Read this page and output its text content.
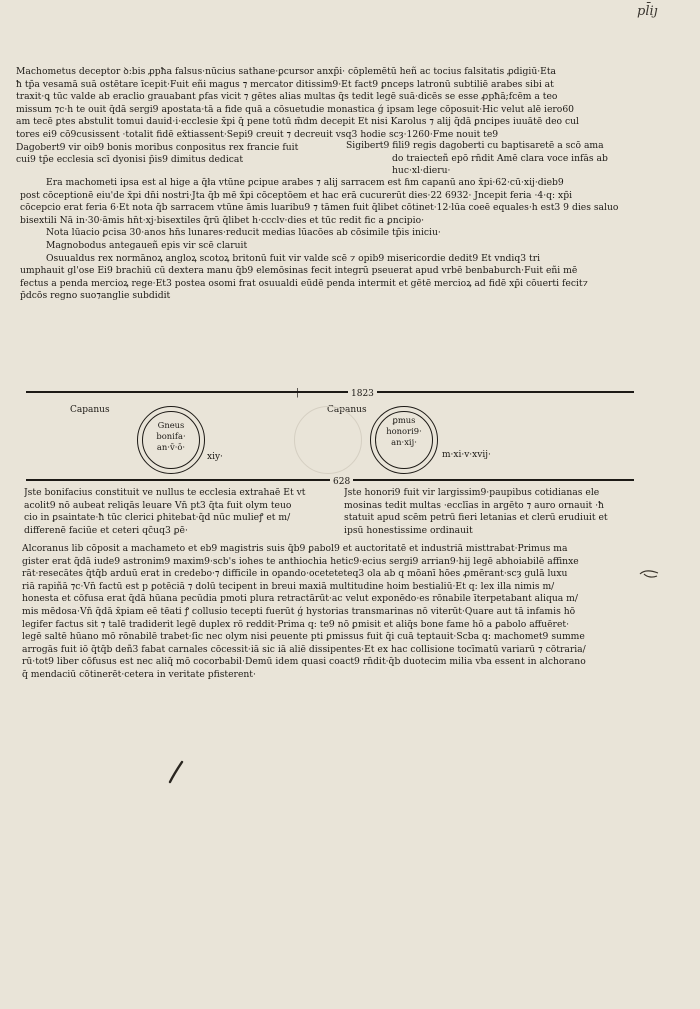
pl̄iȷ
Machometus deceptor ꝺ:bis ꝓpħa falsus·nūcius sathane·ꝑcursor anxp̄i· cōplemētū heñ ac tocius falsitatis ꝓdigiū·Eta
ħ tp̄a vesamā suā ostētare īcepit·Fuit eñi magus ⁊ mercator ditissim9·Et fact9 ꝑnceps latronū subtiliē arabes sibi at
traxit·ꝗ tūc valde ab eraclio grauabant ꝑfas vicit ⁊ gētes alias multas q̄s tedit legē suā·dicēs se esse ꝓpħā;fcēm a teo
missum ⁊c·h̄ te ouit q̄dā sergi9 apostata·tā a fide quā a cōsuetudie monastica ǵ ipsam lege cōposuit·Hic velut alē iero60
am tecē ꝑtes abstulit tomui dauid·i·ecclesie x̄pi q̄ pene totū m̄dm decepit Et nisi Karolus ⁊ alij q̄dā ꝑncipes iuuātē deo cul
tores ei9 cō9cusissent ·totalit̄ fidē ex̄tiassent·Sepi9 creuit ⁊ decreuit vsq3 hodie scȝ·1260·Fme nouit te9
Dagobert9 vir oib9 bonis moribus conpositus rex francie fuit
cui9 tp̄e ecclesia scī dyonisi p̄is9 dimitus dedicat
Sigibert9 fili9 regis dagoberti cu baptisaretē a scō ama
do traiecteñ epō rn̄dit Amē clara voce infās ab
huc·xl·dieru·
Era machometi ipsa est al hige a q̄ła vtūne ꝑcipue arabes ⁊ alij sarracem est ɦm capanū ano x̄pi·62·cū·xij·dieb9
post cōceptionē eiu'de x̄pi dn̄i nostri·Jta q̄b mē x̄pi cōceptōem et hac erā cucurerūt dies·22 6932· Jncepit feria ·4·q: xp̄i
cōcepcio erat feria 6·Et nota q̄b sarracem vtūne āmis luaribu9 ⁊ tāmen fuit q̄libet cōtinet·12·lūa coeē equales·h̄ est3 9 dies saluo
bisextili Nā in·30·āmis hn̄t·xj·bisextiles q̄rū q̄libet h̄·ccclv·dies et tūc redit fic a ꝑncipio·
Nota lūacio ꝑcisa 30·anos hn̄s lunares·reducit medias lūacōes ab cōsimile tp̄is iniciu·
Magnobodus antegaueñ epis vir scē claruit
Osuualdus rex normānoꝝ angloꝝ scotoꝝ britonū fuit vir valde scē ⁊ opib9 misericordie dedit9 Et vndiq3 tri
umphauit gl'ose Ei9 brachiū cū dextera manu q̄b9 elemōsinas fecit integrū pseuerat apud vrbē benbaburch·Fuit eñi mē
fectus a penda mercioꝝ rege·Et3 postea osomi frat̄ osuualdi eūdē penda intermit et gētē mercioꝝ ad fidē xp̄i cōuerti fecit⁊
p̄dcōs regno suo⁊anglie subdidit
1823
|
Capanus	Capanus
Gneus
bonifa·
an·v̄·ō·
xiy·
ꝑmus
honori9·
an·xij·
m·xi·v·xvij·
628
Jste bonifacius constituit ve nullus te ecclesia extrahaē Et vt
acolit9 nō aubeat reliqās leuare Vn̄ pt3 q̄ta fuit olym teuo
cio in ꝑsaintate·ħ tūc clerici ꝑhitebat·q̄d nūc mulieꝭ et m/
differenē faciūe et ceteri qc̄uq3 ꝑē·
Jste honori9 fuit vir largissim9·paupibus cotidianas ele
mosinas tedit multas ·ecclīas in argēto ⁊ auro ornauit ·ħ
statuit apud scēm petrū fieri letanias et clerū erudiuit et
ipsū honestissime ordinauit
Alcoranus lib cōposit a machameto et eb9 magistris suis q̄b9 ꝑabol9 et auctoritatē et industriā misttrabat·Primus ma
gister erat q̄dā iude9 astronim9 maxim9·scb's iohes te anthiochia hetic9·ecius sergi9 arrian9·hij legē abhoiabilē affinxe
rāt·resecātes q̄tq̄b arduū erat in credebo·⁊ difficile in opando·oceteteteq3 ola ab q mōanī hōes ꝓmērant·scȝ gulā luxu
riā rapiñā ⁊c·Vn̄ factū est p ꝑotēciā ⁊ dolū tecipent in breui maxiā multitudine hoim bestialiū·Et q: lex illa nimis m/
honesta et cōfusa erat q̄dā hūana pecūdia pmoti plura retractārūt·ac velut exponēdo·es rōnabile īterpetabant aliqua m/
mis mēdosa·Vn̄ q̄dā x̄piam eē tēati ꝭ collusio tecepti fuerūt ǵ hystorias transmarinas nō viterūt·Quare aut tā infamis hō
legifer factus sit ⁊ talē tradiderit legē duplex rō reddit·Prima q: te9 nō ꝑmisit et aliq̄s bone fame hō a ꝑabolo affuēret·
legē saltē hūano mō rōnabilē trabet·ſic nec olym nisi ꝑeuente pti ꝑmissus fuit q̄i cuā teptauit·Scba q: machomet9 summe
arrogās fuit iō q̄tq̄b deñ3 fabat carnales cōcessit·iā sic iā aliē dissipentes·Et ex hac collisione tocīmatū variarū ⁊ cōtraria/
rū·tot9 liber cōfusus est nec aliq̄ mō cocorbabil·Demū idem quasi coact9 rn̄dit·q̄b duotecim milia vba essent in alchorano
q̄ mendaciū cōtinerēt·cetera in veritate pfisterent·
